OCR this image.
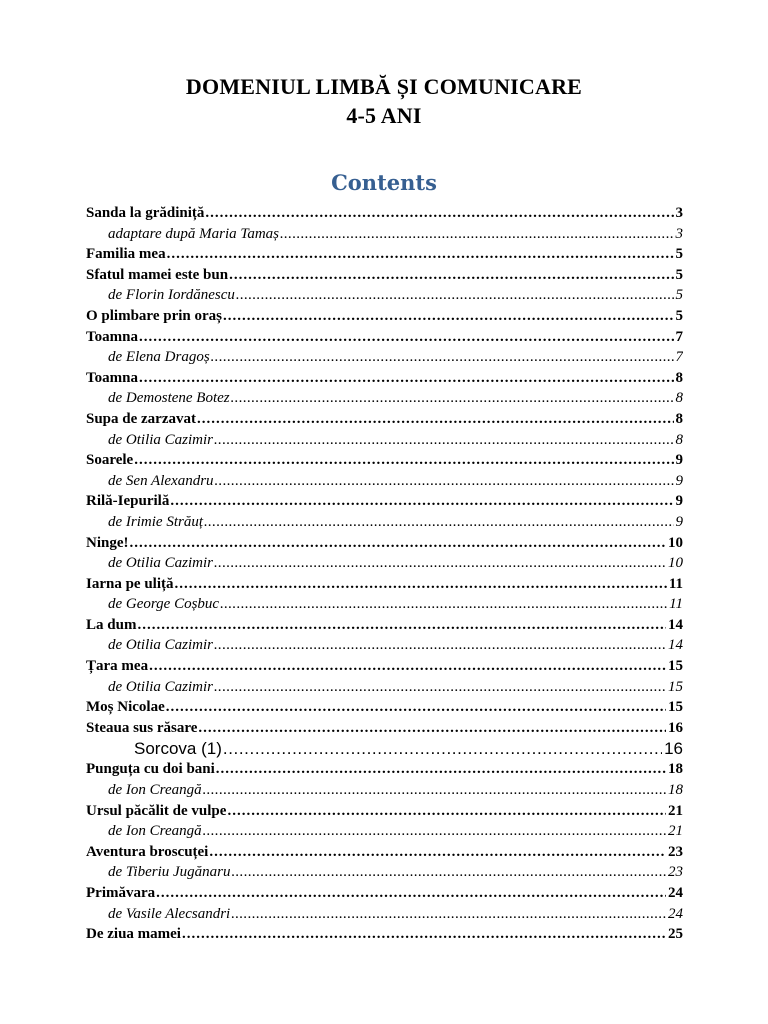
DOMENIUL LIMBĂ ȘI COMUNICARE
4-5 ANI
Contents
Sanda la grădiniță .....	3
adaptare după Maria Tamaș .....	3
Familia mea .....	5
Sfatul mamei este bun .....	5
de Florin Iordănescu .....	5
O plimbare prin oraș .....	5
Toamna .....	7
de Elena Dragoș .....	7
Toamna .....	8
de Demostene Botez .....	8
Supa de zarzavat .....	8
de Otilia Cazimir .....	8
Soarele .....	9
de Sen Alexandru .....	9
Rilă-Iepurilă .....	9
de Irimie Străuț .....	9
Ninge! .....	10
de Otilia Cazimir .....	10
Iarna pe uliță .....	11
de George Coșbuc .....	11
La dum .....	14
de Otilia Cazimir .....	14
Țara mea .....	15
de Otilia Cazimir .....	15
Moș Nicolae .....	15
Steaua sus răsare .....	16
Sorcova (1) .....	16
Punguța cu doi bani .....	18
de Ion Creangă .....	18
Ursul păcălit de vulpe .....	21
de Ion Creangă .....	21
Aventura broscuței .....	23
de Tiberiu Jugănaru .....	23
Primăvara .....	24
de Vasile Alecsandri .....	24
De ziua mamei .....	25
